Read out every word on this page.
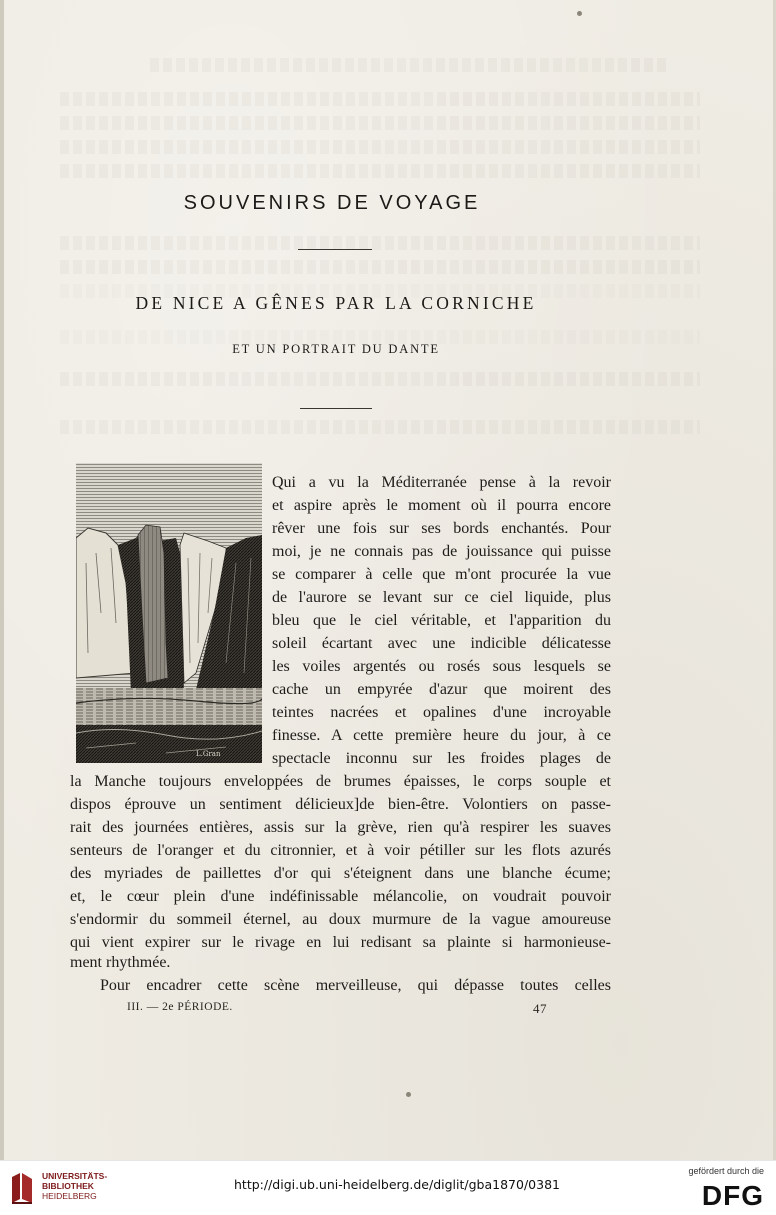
SOUVENIRS DE VOYAGE
DE NICE A GÊNES PAR LA CORNICHE
ET UN PORTRAIT DU DANTE
L.Gran
Qui a vu la Méditerranée pense à la revoir
et aspire après le moment où il pourra encore
rêver une fois sur ses bords enchantés. Pour
moi, je ne connais pas de jouissance qui puisse
se comparer à celle que m'ont procurée la vue
de l'aurore se levant sur ce ciel liquide, plus
bleu que le ciel véritable, et l'apparition du
soleil écartant avec une indicible délicatesse
les voiles argentés ou rosés sous lesquels se
cache un empyrée d'azur que moirent des
teintes nacrées et opalines d'une incroyable
finesse. A cette première heure du jour, à ce
spectacle inconnu sur les froides plages de
la Manche toujours enveloppées de brumes épaisses, le corps souple et
dispos éprouve un sentiment délicieux]de bien-être. Volontiers on passe-
rait des journées entières, assis sur la grève, rien qu'à respirer les suaves
senteurs de l'oranger et du citronnier, et à voir pétiller sur les flots azurés
des myriades de paillettes d'or qui s'éteignent dans une blanche écume;
et, le cœur plein d'une indéfinissable mélancolie, on voudrait pouvoir
s'endormir du sommeil éternel, au doux murmure de la vague amoureuse
qui vient expirer sur le rivage en lui redisant sa plainte si harmonieuse-
ment rhythmée.
Pour encadrer cette scène merveilleuse, qui dépasse toutes celles
III. — 2e PÉRIODE.	47
UNIVERSITÄTS-
BIBLIOTHEK
HEIDELBERG
http://digi.ub.uni-heidelberg.de/diglit/gba1870/0381
gefördert durch die
DFG
